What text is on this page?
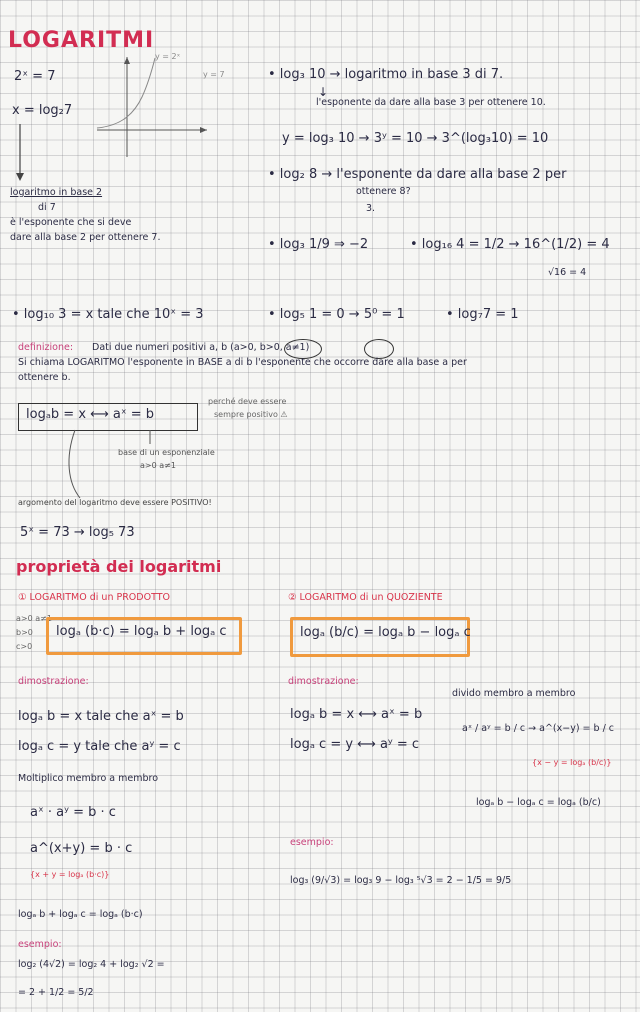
LOGARITMI
2ˣ = 7
x = log₂7
y = 2ˣ
y = 7
logaritmo in base 2
di 7
è l'esponente che si deve
dare alla base 2 per ottenere 7.
• log₃ 10 → logaritmo in base 3 di 7.
↓
l'esponente da dare alla base 3 per ottenere 10.
y = log₃ 10 → 3ʸ = 10 → 3^(log₃10) = 10
• log₂ 8 → l'esponente da dare alla base 2 per
ottenere 8?
3.
• log₃ 1/9 ⇒ −2	• log₁₆ 4 = 1/2 → 16^(1/2) = 4
√16 = 4
• log₁₀ 3 = x tale che 10ˣ = 3	• log₅ 1 = 0 → 5⁰ = 1	• log₇7 = 1
definizione: Dati due numeri positivi a, b (a>0, b>0, a≠1)
Si chiama LOGARITMO l'esponente in BASE a di b l'esponente che occorre dare alla base a per
ottenere b.
logₐb = x ⟷ aˣ = b
perché deve essere
sempre positivo ⚠
base di un esponenziale
a>0 a≠1
argomento del logaritmo deve essere POSITIVO!
5ˣ = 73 → log₅ 73
proprietà dei logaritmi
① LOGARITMO di un PRODOTTO
a>0 a≠1
b>0
c>0
logₐ (b·c) = logₐ b + logₐ c
② LOGARITMO di un QUOZIENTE
logₐ (b/c) = logₐ b − logₐ c
dimostrazione:
logₐ b = x tale che aˣ = b
logₐ c = y tale che aʸ = c
Moltiplico membro a membro
aˣ · aʸ = b · c
a^(x+y) = b · c
{x + y = logₐ (b·c)}
logₐ b + logₐ c = logₐ (b·c)
esempio:
log₂ (4√2) = log₂ 4 + log₂ √2 =
= 2 + 1/2 = 5/2
dimostrazione:
divido membro a membro
logₐ b = x ⟷ aˣ = b
logₐ c = y ⟷ aʸ = c
aˣ / aʸ = b / c → a^(x−y) = b / c
{x − y = logₐ (b/c)}
logₐ b − logₐ c = logₐ (b/c)
esempio:
log₃ (9/√3) = log₃ 9 − log₃ ⁵√3 = 2 − 1/5 = 9/5
